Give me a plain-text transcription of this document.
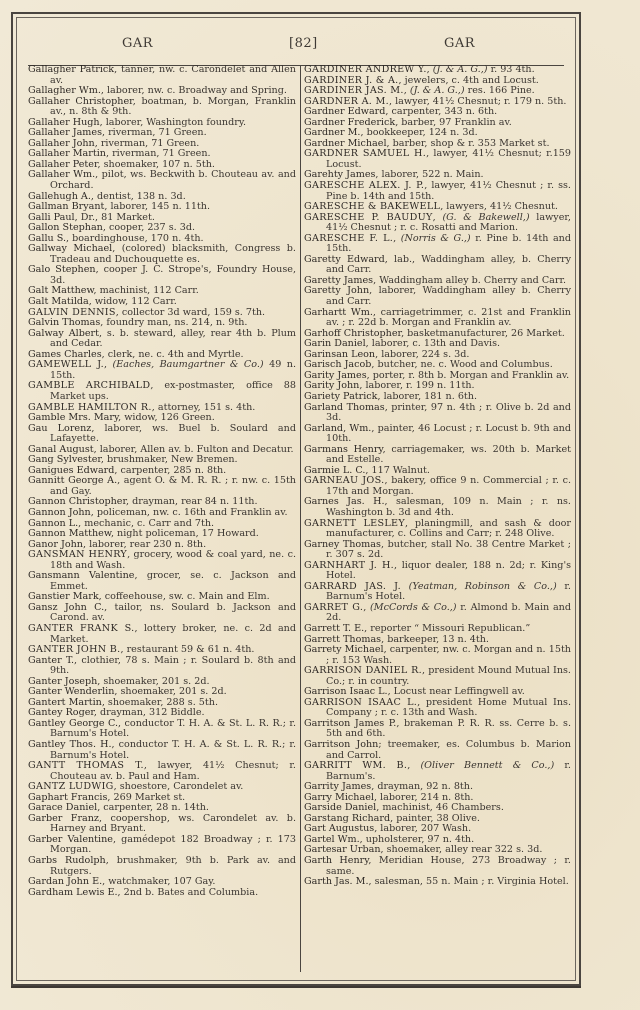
GAR	[82]	GAR

Gallagher Patrick, tanner, nw. c. Carondelet and Allen av.

Gallagher Wm., laborer, nw. c. Broadway and Spring.

Gallaher Christopher, boatman, b. Morgan, Franklin av., n. 8th & 9th.

Gallaher Hugh, laborer, Washington foundry.

Gallaher James, riverman, 71 Green.

Gallaher John, riverman, 71 Green.

Gallaher Martin, riverman, 71 Green.

Gallaher Peter, shoemaker, 107 n. 5th.

Gallaher Wm., pilot, ws. Beckwith b. Chouteau av. and Orchard.

Gallehugh A., dentist, 138 n. 3d.

Gallman Bryant, laborer, 145 n. 11th.

Galli Paul, Dr., 81 Market.

Gallon Stephan, cooper, 237 s. 3d.

Gallu S., boardinghouse, 170 n. 4th.

Gallway Michael, (colored) blacksmith, Congress b. Tradeau and Duchouquette es.

Galo Stephen, cooper J. C. Strope's, Foundry House, 3d.

Galt Matthew, machinist, 112 Carr.

Galt Matilda, widow, 112 Carr.

GALVIN DENNIS, collector 3d ward, 159 s. 7th.

Galvin Thomas, foundry man, ns. 214, n. 9th.

Galway Albert, s. b. steward, alley, rear 4th b. Plum and Cedar.

Games Charles, clerk, ne. c. 4th and Myrtle.

GAMEWELL J., (Eaches, Baumgartner & Co.) 49 n. 15th.

GAMBLE ARCHIBALD, ex-postmaster, office 88 Market ups.

GAMBLE HAMILTON R., attorney, 151 s. 4th.

Gamble Mrs. Mary, widow, 126 Green.

Gau Lorenz, laborer, ws. Buel b. Soulard and Lafayette.

Ganal August, laborer, Allen av. b. Fulton and Decatur.

Gang Sylvester, brushmaker, New Bremen.

Ganigues Edward, carpenter, 285 n. 8th.

Gannitt George A., agent O. & M. R. R. ; r. nw. c. 15th and Gay.

Gannon Christopher, drayman, rear 84 n. 11th.

Gannon John, policeman, nw. c. 16th and Franklin av.

Gannon L., mechanic, c. Carr and 7th.

Gannon Matthew, night policeman, 17 Howard.

Ganor John, laborer, rear 230 n. 8th.

GANSMAN HENRY, grocery, wood & coal yard, ne. c. 18th and Wash.

Gansmann Valentine, grocer, se. c. Jackson and Emmet.

Ganstier Mark, coffeehouse, sw. c. Main and Elm.

Gansz John C., tailor, ns. Soulard b. Jackson and Carond. av.

GANTER FRANK S., lottery broker, ne. c. 2d and Market.

GANTER JOHN B., restaurant 59 & 61 n. 4th.

Ganter T., clothier, 78 s. Main ; r. Soulard b. 8th and 9th.

Ganter Joseph, shoemaker, 201 s. 2d.

Ganter Wenderlin, shoemaker, 201 s. 2d.

Gantert Martin, shoemaker, 288 s. 5th.

Gantey Roger, drayman, 312 Biddle.

Gantley George C., conductor T. H. A. & St. L. R. R.; r. Barnum's Hotel.

Gantley Thos. H., conductor T. H. A. & St. L. R. R.; r. Barnum's Hotel.

GANTT THOMAS T., lawyer, 41½ Chesnut; r. Chouteau av. b. Paul and Ham.

GANTZ LUDWIG, shoestore, Carondelet av.

Gaphart Francis, 269 Market st.

Garace Daniel, carpenter, 28 n. 14th.

Garber Franz, coopershop, ws. Carondelet av. b. Harney and Bryant.

Garber Valentine, gamédepot 182 Broadway ; r. 173 Morgan.

Garbs Rudolph, brushmaker, 9th b. Park av. and Rutgers.

Gardan John E., watchmaker, 107 Gay.

Gardham Lewis E., 2nd b. Bates and Columbia.

GARDINER ANDREW Y., (J. & A. G.,) r. 93 4th.

GARDINER J. & A., jewelers, c. 4th and Locust.

GARDINER JAS. M., (J. & A. G.,) res. 166 Pine.

GARDNER A. M., lawyer, 41½ Chesnut; r. 179 n. 5th.

Gardner Edward, carpenter, 343 n. 6th.

Gardner Frederick, barber, 97 Franklin av.

Gardner M., bookkeeper, 124 n. 3d.

Gardner Michael, barber, shop & r. 353 Market st.

GARDNER SAMUEL H., lawyer, 41½ Chesnut; r.159 Locust.

Garehty James, laborer, 522 n. Main.

GARESCHE ALEX. J. P., lawyer, 41½ Chesnut ; r. ss. Pine b. 14th and 15th.

GARESCHE & BAKEWELL, lawyers, 41½ Chesnut.

GARESCHE P. BAUDUY, (G. & Bakewell,) lawyer, 41½ Chesnut ; r. c. Rosatti and Marion.

GARESCHE F. L., (Norris & G.,) r. Pine b. 14th and 15th.

Garetty Edward, lab., Waddingham alley, b. Cherry and Carr.

Garetty James, Waddingham alley b. Cherry and Carr.

Garetty John, laborer, Waddingham alley b. Cherry and Carr.

Garhartt Wm., carriagetrimmer, c. 21st and Franklin av. ; r. 22d b. Morgan and Franklin av.

Garhoff Christopher, basketmanufacturer, 26 Market.

Garin Daniel, laborer, c. 13th and Davis.

Garinsan Leon, laborer, 224 s. 3d.

Garisch Jacob, butcher, ne. c. Wood and Columbus.

Garity James, porter, r. 8th b. Morgan and Franklin av.

Garity John, laborer, r. 199 n. 11th.

Gariety Patrick, laborer, 181 n. 6th.

Garland Thomas, printer, 97 n. 4th ; r. Olive b. 2d and 3d.

Garland, Wm., painter, 46 Locust ; r. Locust b. 9th and 10th.

Garmans Henry, carriagemaker, ws. 20th b. Market and Estelle.

Garmie L. C., 117 Walnut.

GARNEAU JOS., bakery, office 9 n. Commercial ; r. c. 17th and Morgan.

Garnes Jas. H., salesman, 109 n. Main ; r. ns. Washington b. 3d and 4th.

GARNETT LESLEY, planingmill, and sash & door manufacturer, c. Collins and Carr; r. 248 Olive.

Garney Thomas, butcher, stall No. 38 Centre Market ; r. 307 s. 2d.

GARNHART J. H., liquor dealer, 188 n. 2d; r. King's Hotel.

GARRARD JAS. J. (Yeatman, Robinson & Co.,) r. Barnum's Hotel.

GARRET G., (McCords & Co.,) r. Almond b. Main and 2d.

Garrett T. E., reporter “ Missouri Republican.”

Garrett Thomas, barkeeper, 13 n. 4th.

Garrety Michael, carpenter, nw. c. Morgan and n. 15th ; r. 153 Wash.

GARRISON DANIEL R., president Mound Mutual Ins. Co.; r. in country.

Garrison Isaac L., Locust near Leffingwell av.

GARRISON ISAAC L., president Home Mutual Ins. Company ; r. c. 13th and Wash.

Garritson James P., brakeman P. R. R. ss. Cerre b. s. 5th and 6th.

Garritson John; treemaker, es. Columbus b. Marion and Carrol.

GARRITT WM. B., (Oliver Bennett & Co.,) r. Barnum's.

Garrity James, drayman, 92 n. 8th.

Garry Michael, laborer, 214 n. 8th.

Garside Daniel, machinist, 46 Chambers.

Garstang Richard, painter, 38 Olive.

Gart Augustus, laborer, 207 Wash.

Gartel Wm., upholsterer, 97 n. 4th.

Gartesar Urban, shoemaker, alley rear 322 s. 3d.

Garth Henry, Meridian House, 273 Broadway ; r. same.

Garth Jas. M., salesman, 55 n. Main ; r. Virginia Hotel.
